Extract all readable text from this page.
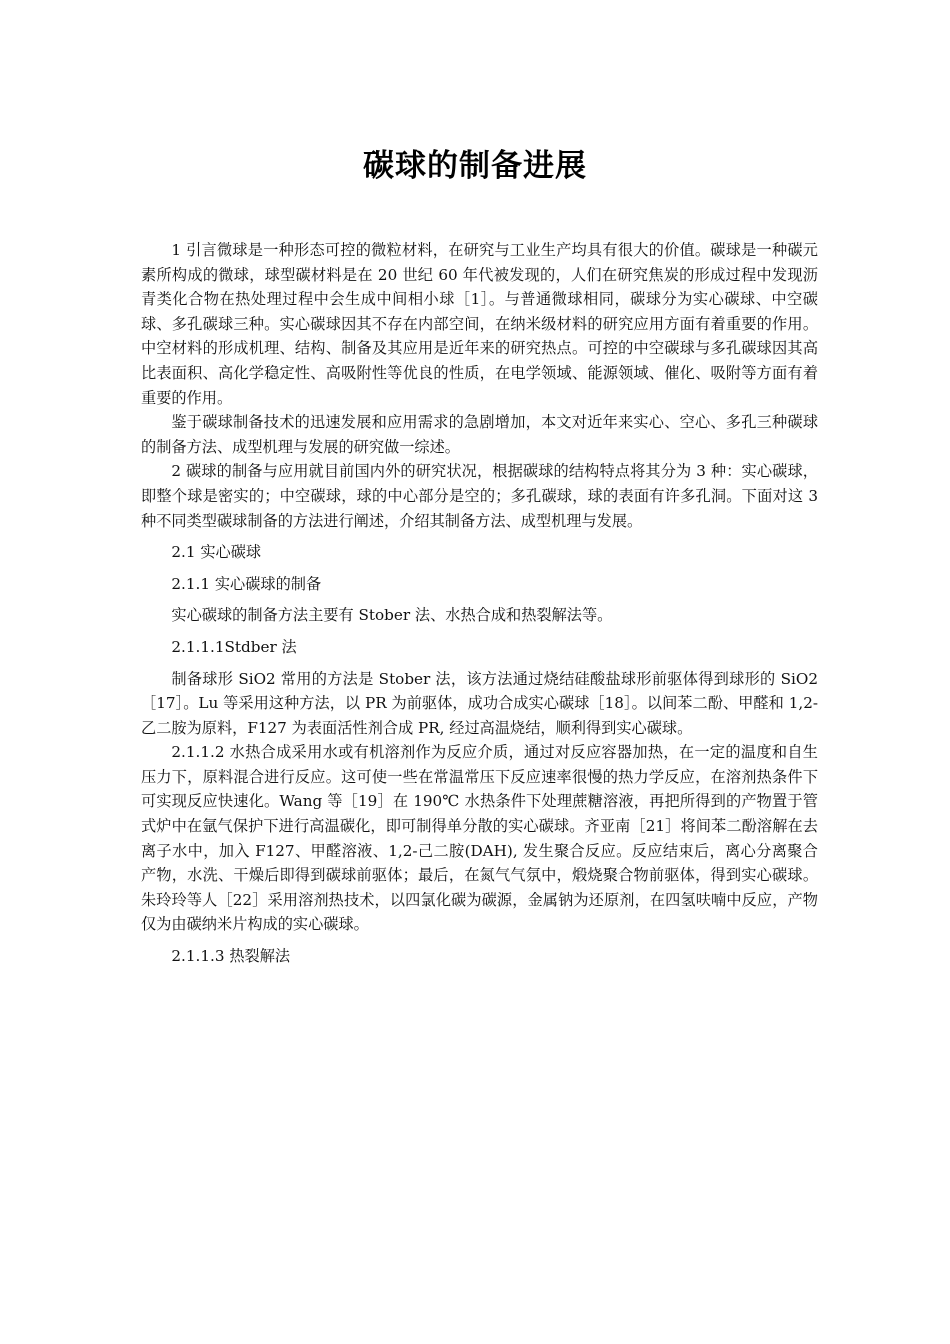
碳球的制备进展

1 引言微球是一种形态可控的微粒材料，在研究与工业生产均具有很大的价值。碳球是一种碳元素所构成的微球，球型碳材料是在 20 世纪 60 年代被发现的，人们在研究焦炭的形成过程中发现沥青类化合物在热处理过程中会生成中间相小球［1］。与普通微球相同，碳球分为实心碳球、中空碳球、多孔碳球三种。实心碳球因其不存在内部空间，在纳米级材料的研究应用方面有着重要的作用。中空材料的形成机理、结构、制备及其应用是近年来的研究热点。可控的中空碳球与多孔碳球因其高比表面积、高化学稳定性、高吸附性等优良的性质，在电学领域、能源领域、催化、吸附等方面有着重要的作用。

鉴于碳球制备技术的迅速发展和应用需求的急剧增加，本文对近年来实心、空心、多孔三种碳球的制备方法、成型机理与发展的研究做一综述。

2 碳球的制备与应用就目前国内外的研究状况，根据碳球的结构特点将其分为 3 种：实心碳球，即整个球是密实的；中空碳球，球的中心部分是空的；多孔碳球，球的表面有许多孔洞。下面对这 3 种不同类型碳球制备的方法进行阐述，介绍其制备方法、成型机理与发展。

2.1 实心碳球

2.1.1 实心碳球的制备

实心碳球的制备方法主要有 Stober 法、水热合成和热裂解法等。

2.1.1.1Stdber 法

制备球形 SiO2 常用的方法是 Stober 法，该方法通过烧结硅酸盐球形前驱体得到球形的 SiO2［17］。Lu 等采用这种方法，以 PR 为前驱体，成功合成实心碳球［18］。以间苯二酚、甲醛和 1,2-乙二胺为原料，F127 为表面活性剂合成 PR, 经过高温烧结，顺利得到实心碳球。

2.1.1.2 水热合成采用水或有机溶剂作为反应介质，通过对反应容器加热，在一定的温度和自生压力下，原料混合进行反应。这可使一些在常温常压下反应速率很慢的热力学反应，在溶剂热条件下可实现反应快速化。Wang 等［19］在 190℃ 水热条件下处理蔗糖溶液，再把所得到的产物置于管式炉中在氩气保护下进行高温碳化，即可制得单分散的实心碳球。齐亚南［21］将间苯二酚溶解在去离子水中，加入 F127、甲醛溶液、1,2-己二胺(DAH), 发生聚合反应。反应结束后，离心分离聚合产物，水洗、干燥后即得到碳球前驱体；最后，在氮气气氛中，煅烧聚合物前驱体，得到实心碳球。朱玲玲等人［22］采用溶剂热技术，以四氯化碳为碳源，金属钠为还原剂，在四氢呋喃中反应，产物仅为由碳纳米片构成的实心碳球。

2.1.1.3 热裂解法
